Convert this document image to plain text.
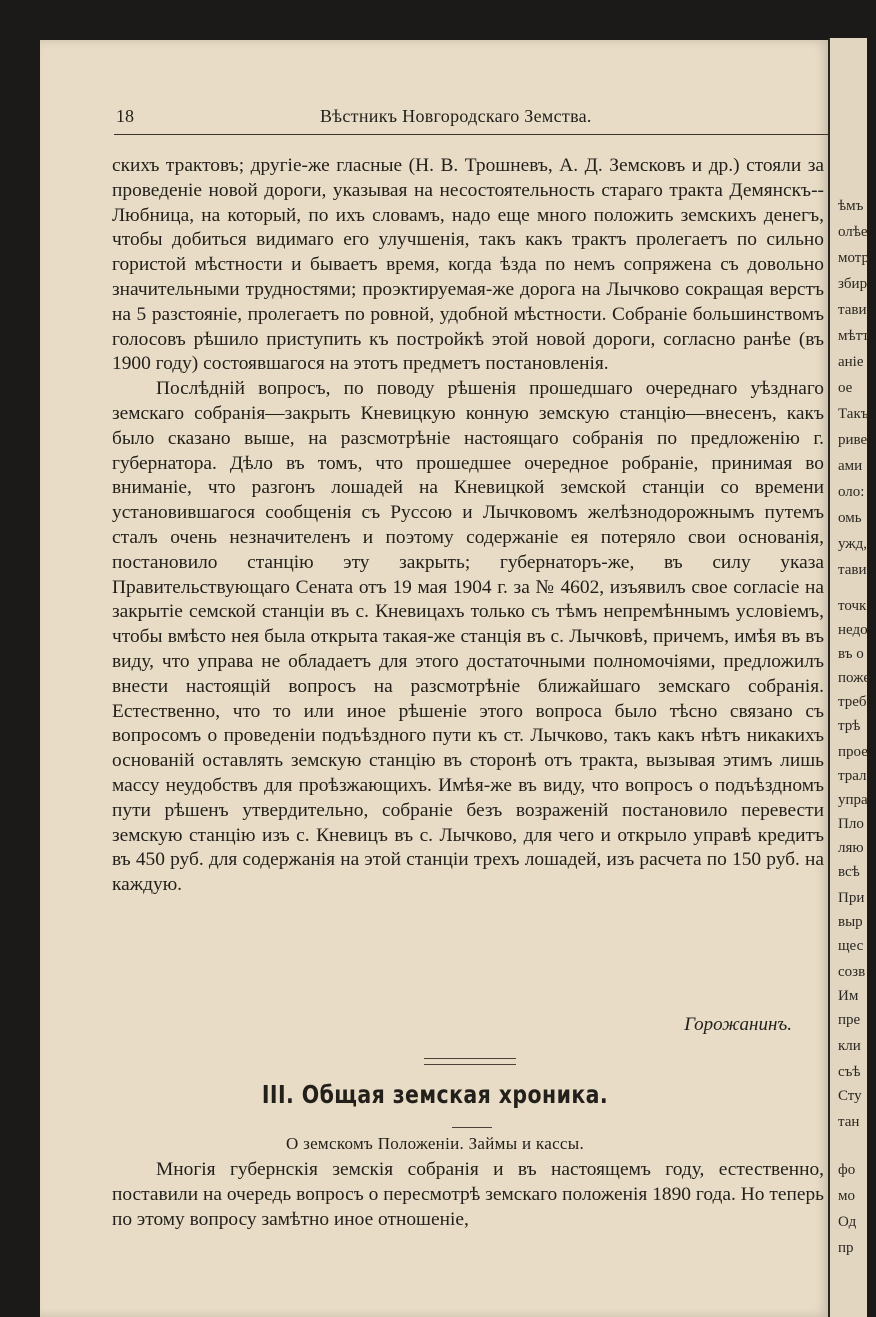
18	Вѣстникъ Новгородскаго Земства.

скихъ трактовъ; другіе-же гласные (Н. В. Трошневъ, А. Д. Земсковъ и др.) стояли за проведеніе новой дороги, указывая на несостоятельность стараго тракта Демянскъ--Любница, на который, по ихъ словамъ, надо еще много положить земскихъ денегъ, чтобы добиться видимаго его улучшенія, такъ какъ трактъ пролегаетъ по сильно гористой мѣстности и бываетъ время, когда ѣзда по немъ сопряжена съ довольно значительными трудностями; проэктируемая-же дорога на Лычково сокращая верстъ на 5 разстояніе, пролегаетъ по ровной, удобной мѣстности. Собраніе большинствомъ голосовъ рѣшило приступить къ постройкѣ этой новой дороги, согласно ранѣе (въ 1900 году) состоявшагося на этотъ предметъ постановленія.

Послѣдній вопросъ, по поводу рѣшенія прошедшаго очереднаго уѣзднаго земскаго собранія—закрыть Кневицкую конную земскую станцію—внесенъ, какъ было сказано выше, на разсмотрѣніе настоящаго собранія по предложенію г. губернатора. Дѣло въ томъ, что прошедшее очередное робраніе, принимая во вниманіе, что разгонъ лошадей на Кневицкой земской станціи со времени установившагося сообщенія съ Руссою и Лычковомъ желѣзнодорожнымъ путемъ сталъ очень незначителенъ и поэтому содержаніе ея потеряло свои основанія, постановило станцію эту закрыть; губернаторъ-же, въ силу указа Правительствующаго Сената отъ 19 мая 1904 г. за № 4602, изъявилъ свое согласіе на закрытіе семской станціи въ с. Кневицахъ только съ тѣмъ непремѣннымъ условіемъ, чтобы вмѣсто нея была открыта такая-же станція въ с. Лычковѣ, причемъ, имѣя въ въ виду, что управа не обладаетъ для этого достаточными полномочіями, предложилъ внести настоящій вопросъ на разсмотрѣніе ближайшаго земскаго собранія. Естественно, что то или иное рѣшеніе этого вопроса было тѣсно связано съ вопросомъ о проведеніи подъѣздного пути къ ст. Лычково, такъ какъ нѣтъ никакихъ основаній оставлять земскую станцію въ сторонѣ отъ тракта, вызывая этимъ лишь массу неудобствъ для проѣзжающихъ. Имѣя-же въ виду, что вопросъ о подъѣздномъ пути рѣшенъ утвердительно, собраніе безъ возраженій постановило перевести земскую станцію изъ с. Кневицъ въ с. Лычково, для чего и открыло управѣ кредитъ въ 450 руб. для содержанія на этой станціи трехъ лошадей, изъ расчета по 150 руб. на каждую.

Горожанинъ.
III. Общая земская хроника.
О земскомъ Положеніи. Займы и кассы.

Многія губернскія земскія собранія и въ настоящемъ году, естественно, поставили на очередь вопросъ о пересмотрѣ земскаго положенія 1890 года. Но теперь по этому вопросу замѣтно иное отношеніе,

ѣмъ
олѣе
мотр
збир
тави
мѣтт
аніе
ое
Такъ
риве
ами
оло:
омь
ужд,
тави
точк
недо
въ о
поже
треб
трѣ
прое
трал
упра
Пло
ляю
всѣ
При
выр
щес
созв
Им
пре
кли
съѣ
Сту
тан
фо
мо
Од
пр
